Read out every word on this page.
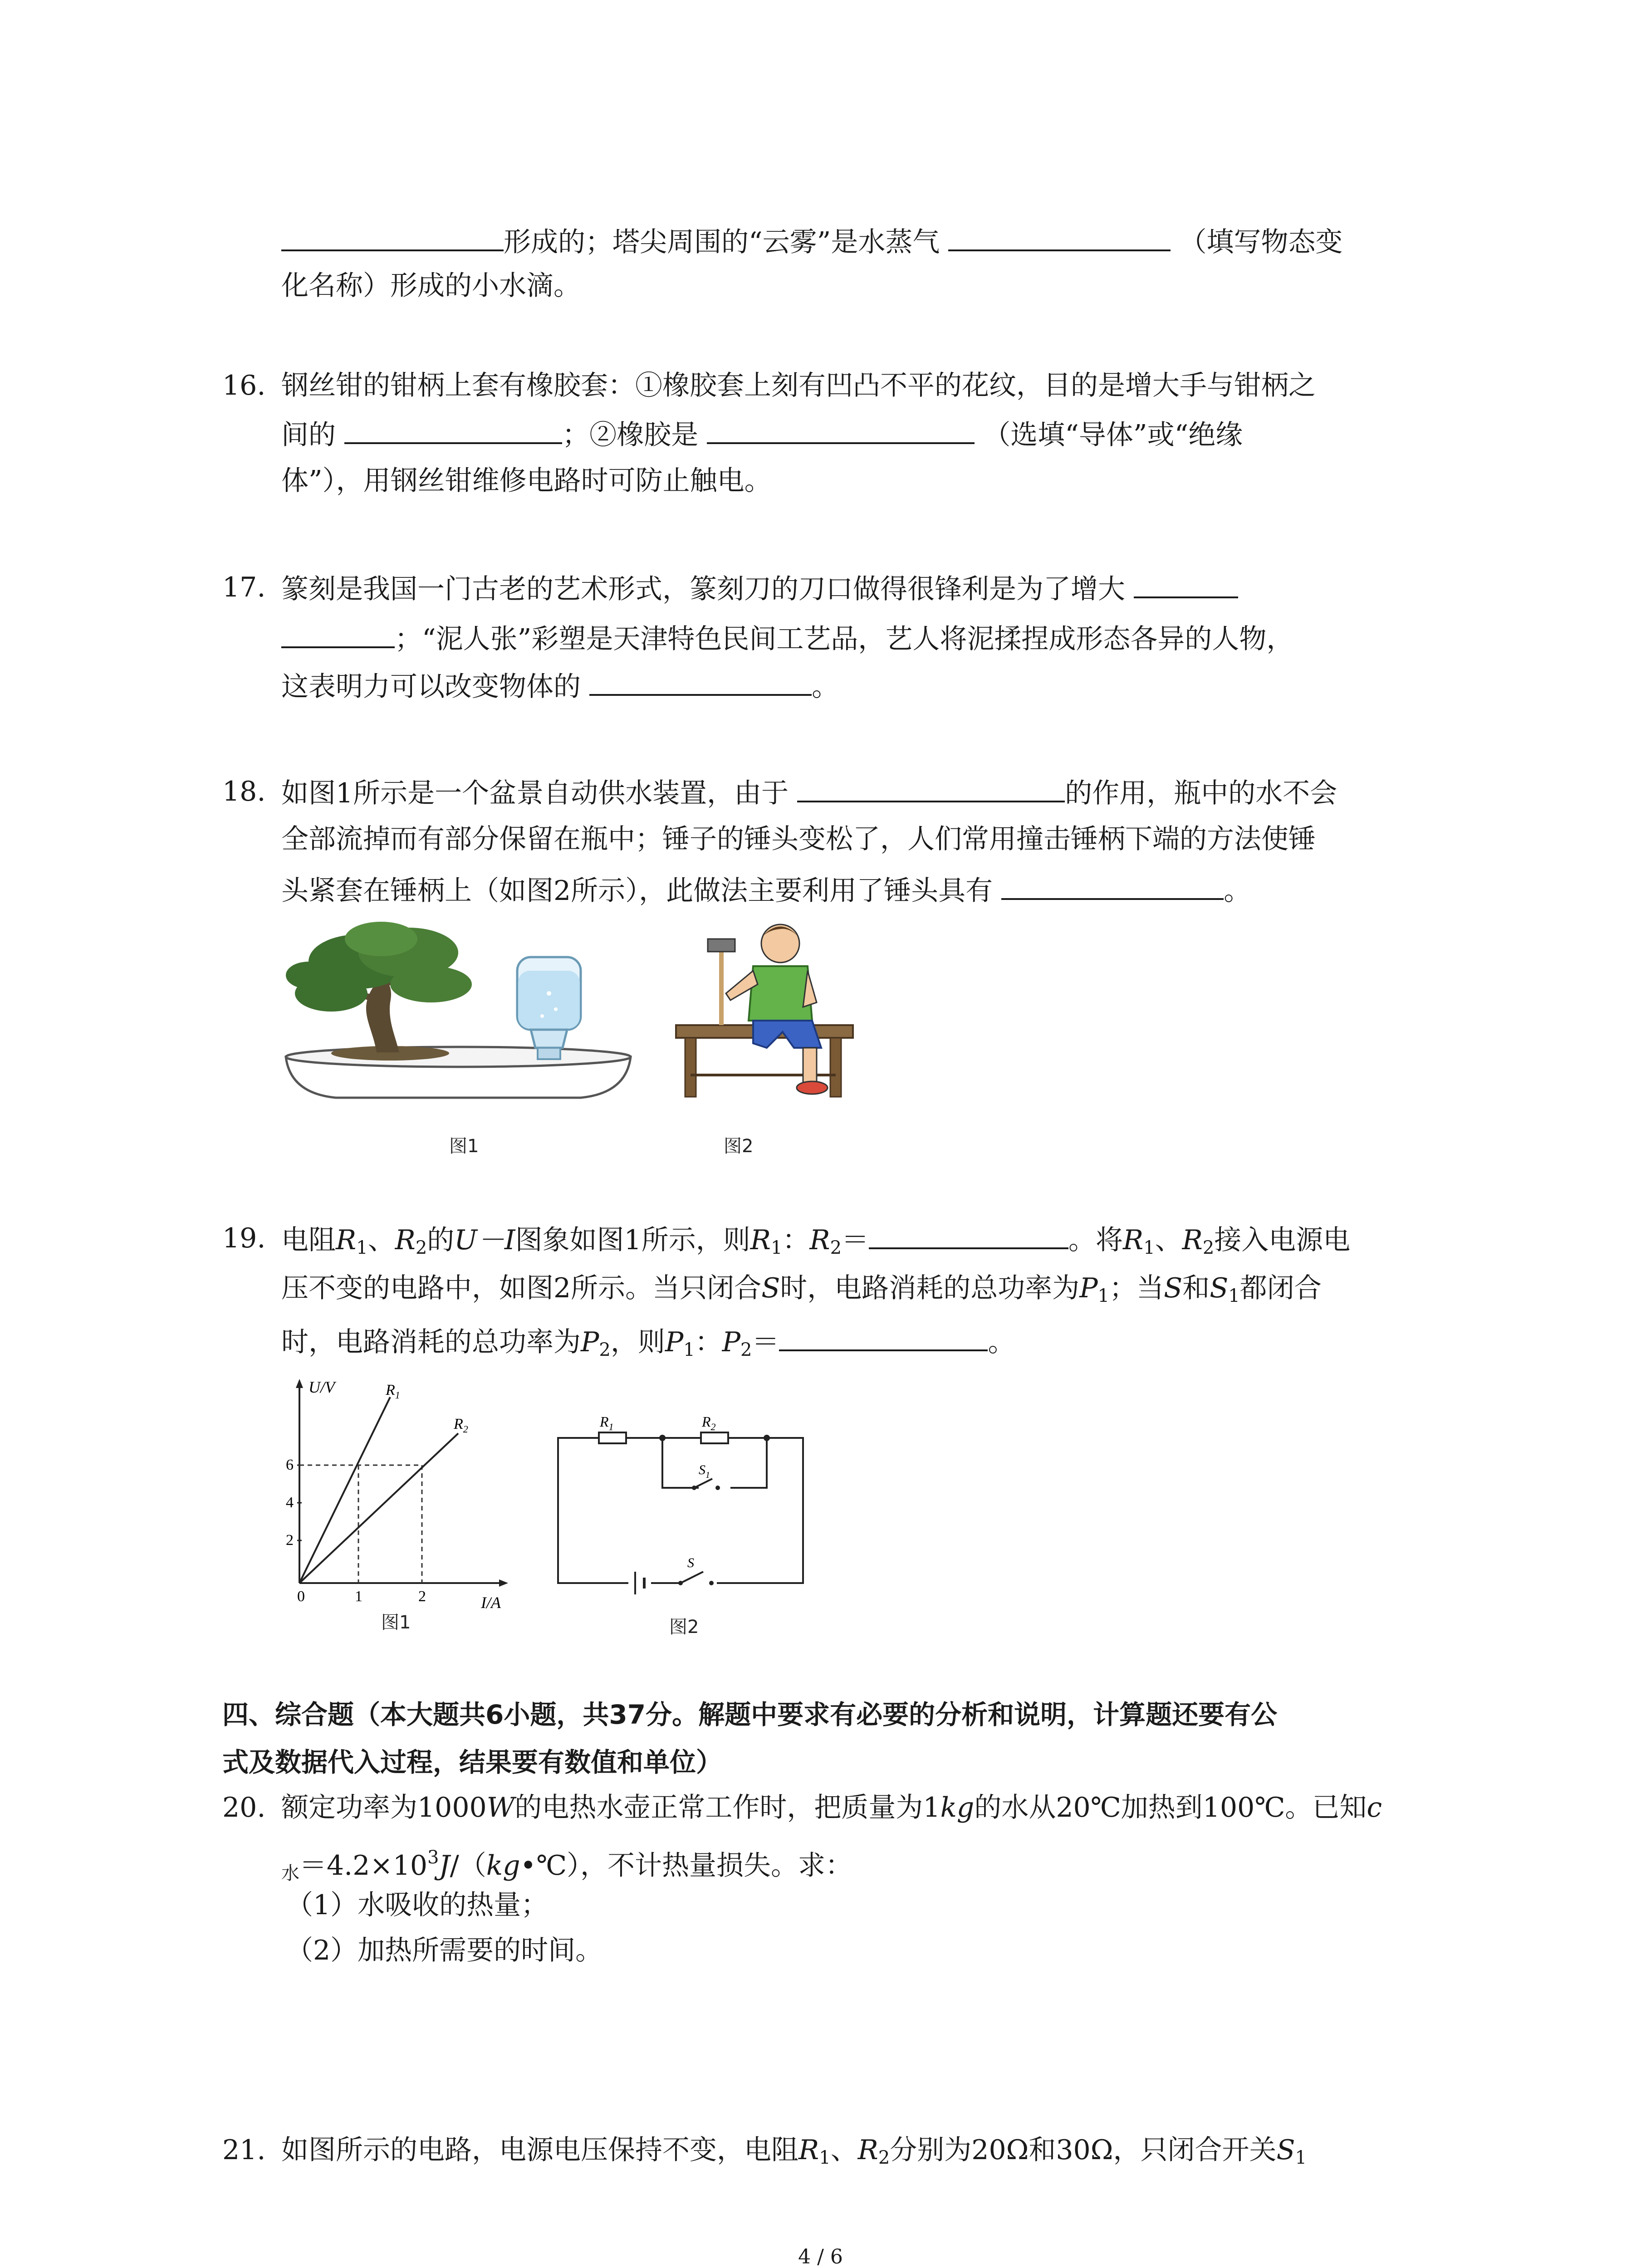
形成的；塔尖周围的“云雾”是水蒸气	（填写物态变
化名称）形成的小水滴。
16. 钢丝钳的钳柄上套有橡胶套：①橡胶套上刻有凹凸不平的花纹，目的是增大手与钳柄之
间的	；②橡胶是	（选填“导体”或“绝缘
体”），用钢丝钳维修电路时可防止触电。
17. 篆刻是我国一门古老的艺术形式，篆刻刀的刀口做得很锋利是为了增大
；“泥人张”彩塑是天津特色民间工艺品，艺人将泥揉捏成形态各异的人物，
这表明力可以改变物体的	。
18. 如图1所示是一个盆景自动供水装置，由于	的作用，瓶中的水不会
全部流掉而有部分保留在瓶中；锤子的锤头变松了，人们常用撞击锤柄下端的方法使锤
头紧套在锤柄上（如图2所示），此做法主要利用了锤头具有	。
图1	图2
19. 电阻$R_1$、$R_2$的U－I图象如图1所示，则$R_1$：$R_2=$	。将$R_1$、$R_2$接入电源电
压不变的电路中，如图2所示。当只闭合S时，电路消耗的总功率为$P_1$；当S和$S_1$都闭合
时，电路消耗的总功率为$P_2$，则$P_1$：$P_2=$	。
U/V
I/A
6
4
2
0	1	2
$R_1$
$R_2$
图1
$R_1$	$R_2$
$S_1$
S
图2
四、综合题（本大题共6小题，共37分。解题中要求有必要的分析和说明，计算题还要有公
式及数据代入过程，结果要有数值和单位）
20. 额定功率为1000W的电热水壶正常工作时，把质量为1kg的水从20℃加热到100℃。已知c
$_水=4.2\times 10^3J/(kg•℃)$，不计热量损失。求：
（1）水吸收的热量；
（2）加热所需要的时间。
21. 如图所示的电路，电源电压保持不变，电阻$R_1$、$R_2$分别为20Ω和30Ω，只闭合开关$S_1$
4 / 6
